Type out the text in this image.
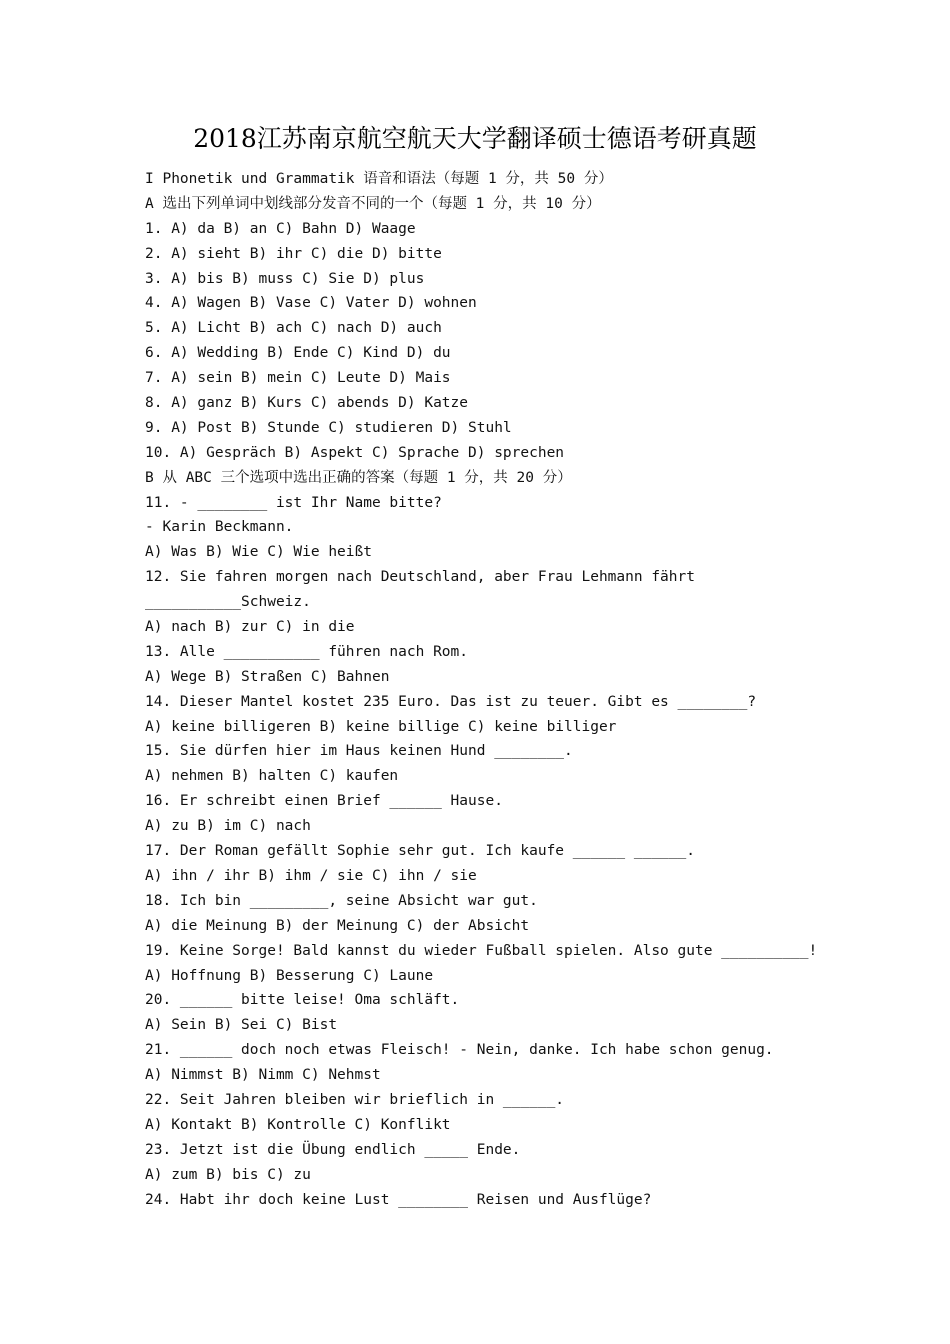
2018江苏南京航空航天大学翻译硕士德语考研真题
I Phonetik und Grammatik 语音和语法（每题 1 分，共 50 分）
A 选出下列单词中划线部分发音不同的一个（每题 1 分，共 10 分）
1. A) da B) an C) Bahn D) Waage
2. A) sieht B) ihr C) die D) bitte
3. A) bis B) muss C) Sie D) plus
4. A) Wagen B) Vase C) Vater D) wohnen
5. A) Licht B) ach C) nach D) auch
6. A) Wedding B) Ende C) Kind D) du
7. A) sein B) mein C) Leute D) Mais
8. A) ganz B) Kurs C) abends D) Katze
9. A) Post B) Stunde C) studieren D) Stuhl
10. A) Gespräch B) Aspekt C) Sprache D) sprechen
B 从 ABC 三个选项中选出正确的答案（每题 1 分，共 20 分）
11. - ________ ist Ihr Name bitte?
- Karin Beckmann.
A) Was B) Wie C) Wie heißt
12. Sie fahren morgen nach Deutschland, aber Frau Lehmann fährt
___________Schweiz.
A) nach B) zur C) in die
13. Alle ___________ führen nach Rom.
A) Wege B) Straßen C) Bahnen
14. Dieser Mantel kostet 235 Euro. Das ist zu teuer. Gibt es ________?
A) keine billigeren B) keine billige C) keine billiger
15. Sie dürfen hier im Haus keinen Hund ________.
A) nehmen B) halten C) kaufen
16. Er schreibt einen Brief ______ Hause.
A) zu B) im C) nach
17. Der Roman gefällt Sophie sehr gut. Ich kaufe ______ ______.
A) ihn / ihr B) ihm / sie C) ihn / sie
18. Ich bin _________, seine Absicht war gut.
A) die Meinung B) der Meinung C) der Absicht
19. Keine Sorge! Bald kannst du wieder Fußball spielen. Also gute __________!
A) Hoffnung B) Besserung C) Laune
20. ______ bitte leise! Oma schläft.
A) Sein B) Sei C) Bist
21. ______ doch noch etwas Fleisch! - Nein, danke. Ich habe schon genug.
A) Nimmst B) Nimm C) Nehmst
22. Seit Jahren bleiben wir brieflich in ______.
A) Kontakt B) Kontrolle C) Konflikt
23. Jetzt ist die Übung endlich _____ Ende.
A) zum B) bis C) zu
24. Habt ihr doch keine Lust ________ Reisen und Ausflüge?
